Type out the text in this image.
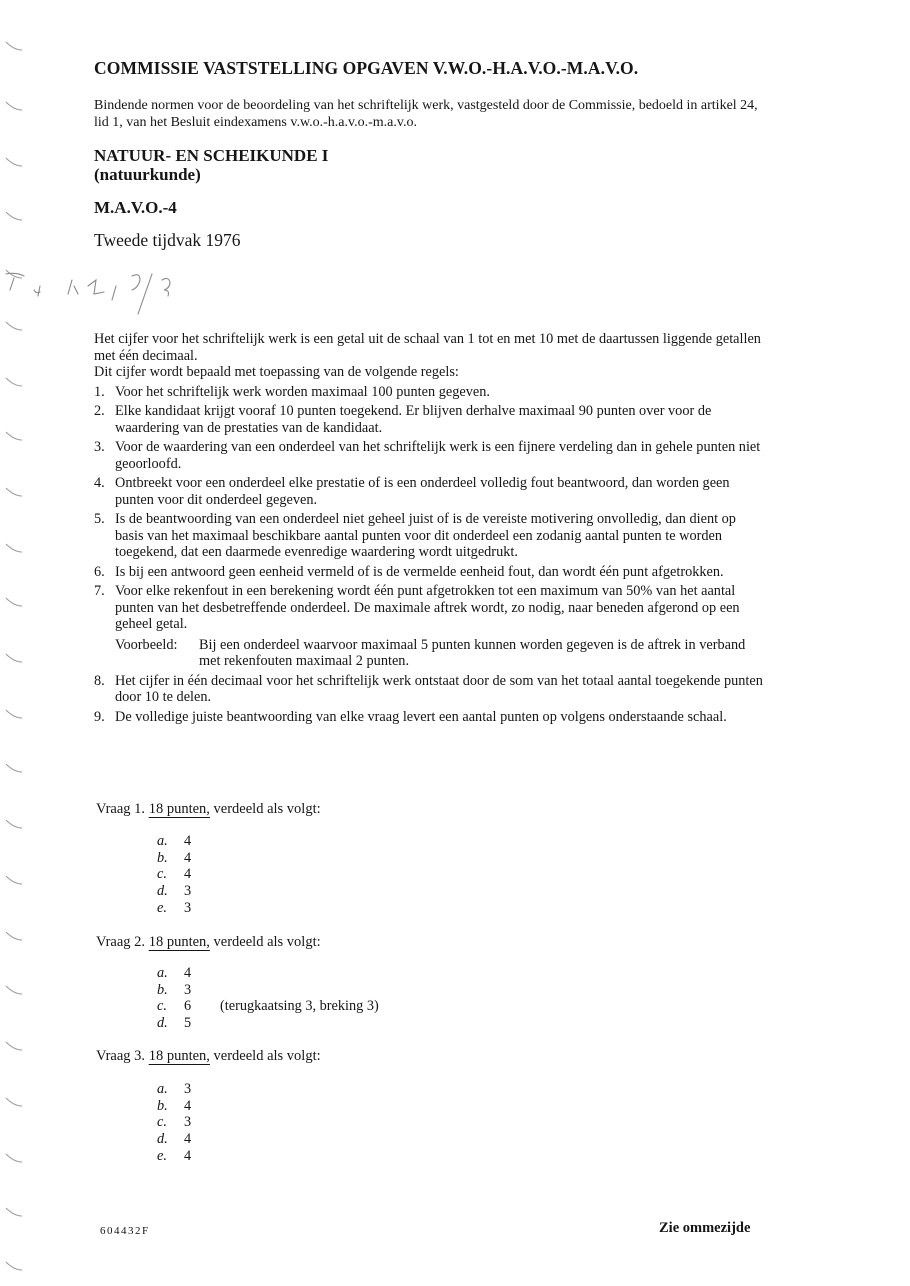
COMMISSIE VASTSTELLING OPGAVEN V.W.O.-H.A.V.O.-M.A.V.O.
Bindende normen voor de beoordeling van het schriftelijk werk, vastgesteld door de Commissie, bedoeld in artikel 24, lid 1, van het Besluit eindexamens v.w.o.-h.a.v.o.-m.a.v.o.
NATUUR- EN SCHEIKUNDE I
(natuurkunde)
M.A.V.O.-4
Tweede tijdvak 1976

Het cijfer voor het schriftelijk werk is een getal uit de schaal van 1 tot en met 10 met de daartussen liggende getallen met één decimaal.

Dit cijfer wordt bepaald met toepassing van de volgende regels:

1. Voor het schriftelijk werk worden maximaal 100 punten gegeven.
2. Elke kandidaat krijgt vooraf 10 punten toegekend. Er blijven derhalve maximaal 90 punten over voor de waardering van de prestaties van de kandidaat.
3. Voor de waardering van een onderdeel van het schriftelijk werk is een fijnere verdeling dan in gehele punten niet geoorloofd.
4. Ontbreekt voor een onderdeel elke prestatie of is een onderdeel volledig fout beantwoord, dan worden geen punten voor dit onderdeel gegeven.
5. Is de beantwoording van een onderdeel niet geheel juist of is de vereiste motivering onvolledig, dan dient op basis van het maximaal beschikbare aantal punten voor dit onderdeel een zodanig aantal punten te worden toegekend, dat een daarmede evenredige waardering wordt uitgedrukt.
6. Is bij een antwoord geen eenheid vermeld of is de vermelde eenheid fout, dan wordt één punt afgetrokken.
7. Voor elke rekenfout in een berekening wordt één punt afgetrokken tot een maximum van 50% van het aantal punten van het desbetreffende onderdeel. De maximale aftrek wordt, zo nodig, naar beneden afgerond op een geheel getal.
Voorbeeld:	Bij een onderdeel waarvoor maximaal 5 punten kunnen worden gegeven is de aftrek in verband met rekenfouten maximaal 2 punten.
8. Het cijfer in één decimaal voor het schriftelijk werk ontstaat door de som van het totaal aantal toegekende punten door 10 te delen.
9. De volledige juiste beantwoording van elke vraag levert een aantal punten op volgens onderstaande schaal.
Vraag 1. 18 punten, verdeeld als volgt:
a.	4
b.	4
c.	4
d.	3
e.	3
Vraag 2. 18 punten, verdeeld als volgt:
a.	4
b.	3
c.	6	(terugkaatsing 3, breking 3)
d.	5
Vraag 3. 18 punten, verdeeld als volgt:
a.	3
b.	4
c.	3
d.	4
e.	4
604432F	Zie ommezijde
